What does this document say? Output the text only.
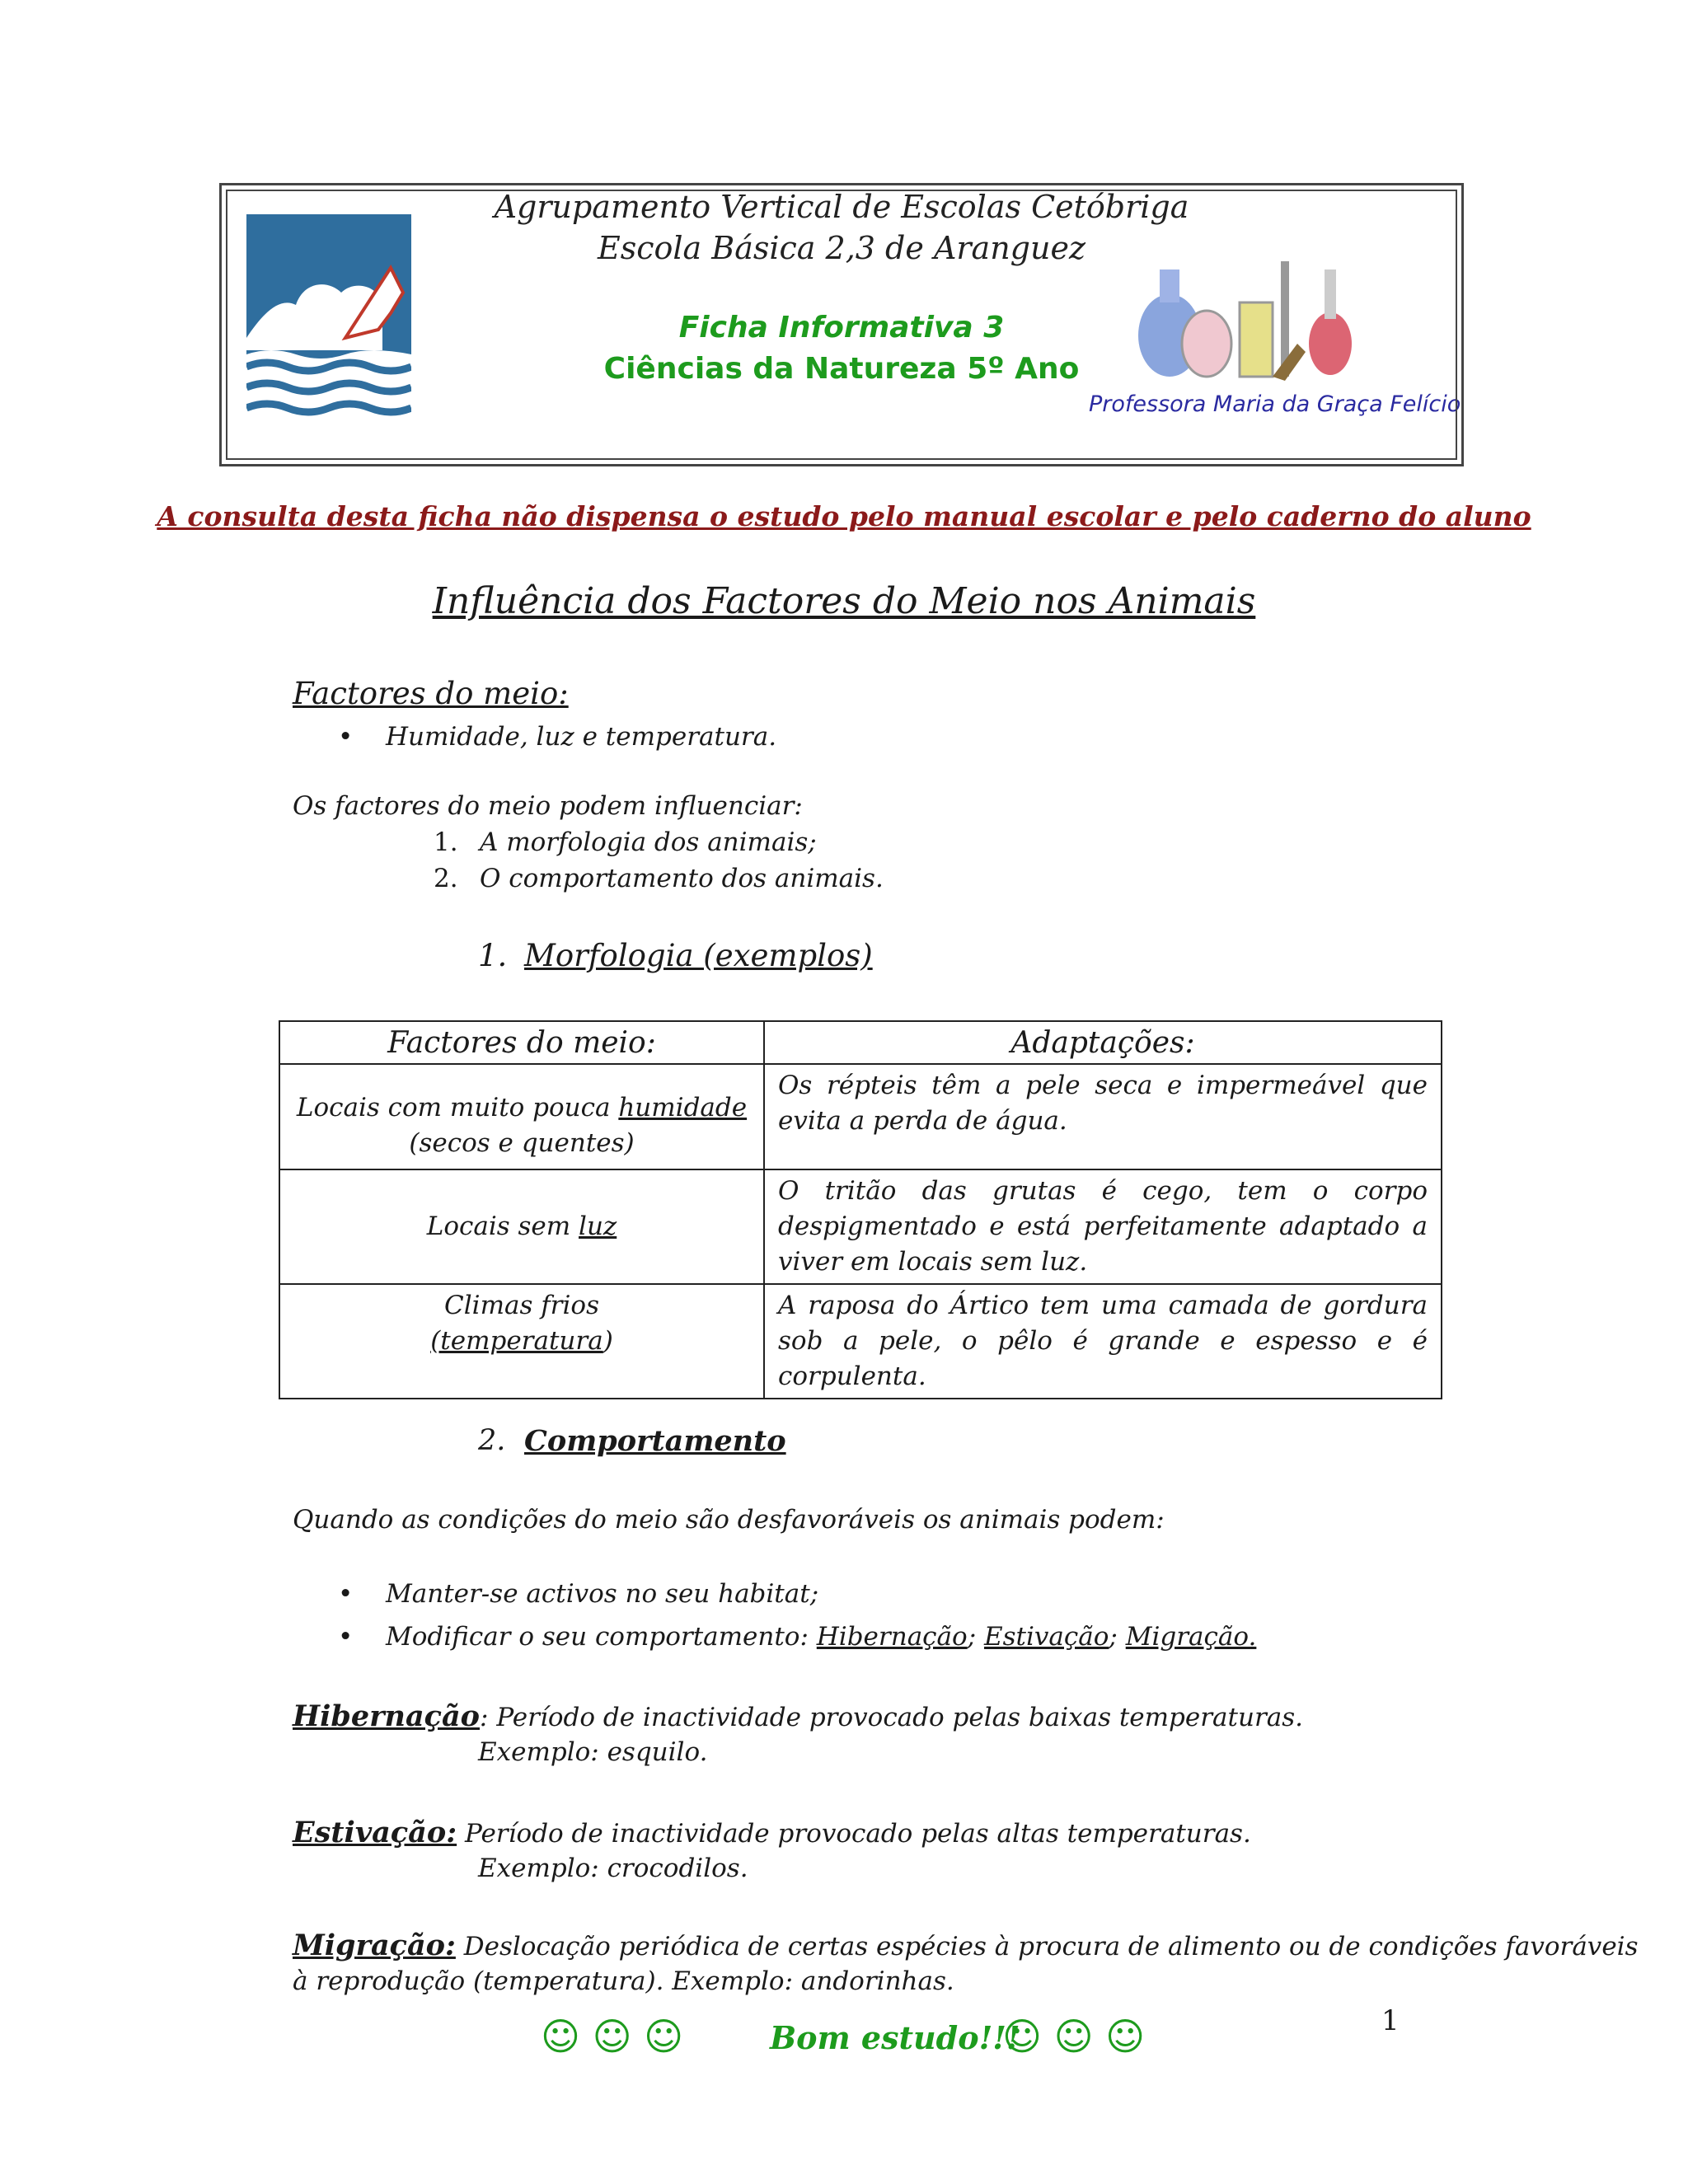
Agrupamento Vertical de Escolas Cetóbriga
Escola Básica 2,3 de Aranguez
Ficha Informativa 3
Ciências da Natureza 5º Ano
Professora Maria da Graça Felício
A consulta desta ficha não dispensa o estudo pelo manual escolar e pelo caderno do aluno
Influência dos Factores do Meio nos Animais
Factores do meio:
• Humidade, luz e temperatura.
Os factores do meio podem influenciar:
1. A morfologia dos animais;
2. O comportamento dos animais.
1. Morfologia (exemplos)
Factores do meio:	Adaptações:

Locais com muito pouca humidade
(secos e quentes)	Os répteis têm a pele seca e impermeável que evita a perda de água.

Locais sem luz	O tritão das grutas é cego, tem o corpo despigmentado e está perfeitamente adaptado a viver em locais sem luz.

Climas frios
(temperatura)	A raposa do Ártico tem uma camada de gordura sob a pele, o pêlo é grande e espesso e é corpulenta.
2. Comportamento
Quando as condições do meio são desfavoráveis os animais podem:
• Manter-se activos no seu habitat;
• Modificar o seu comportamento: Hibernação; Estivação; Migração.
Hibernação: Período de inactividade provocado pelas baixas temperaturas.
Exemplo: esquilo.
Estivação: Período de inactividade provocado pelas altas temperaturas.
Exemplo: crocodilos.
Migração: Deslocação periódica de certas espécies à procura de alimento ou de condições favoráveis
à reprodução (temperatura). Exemplo: andorinhas.
☺ ☺ ☺	Bom estudo!!!
☺ ☺ ☺	1
